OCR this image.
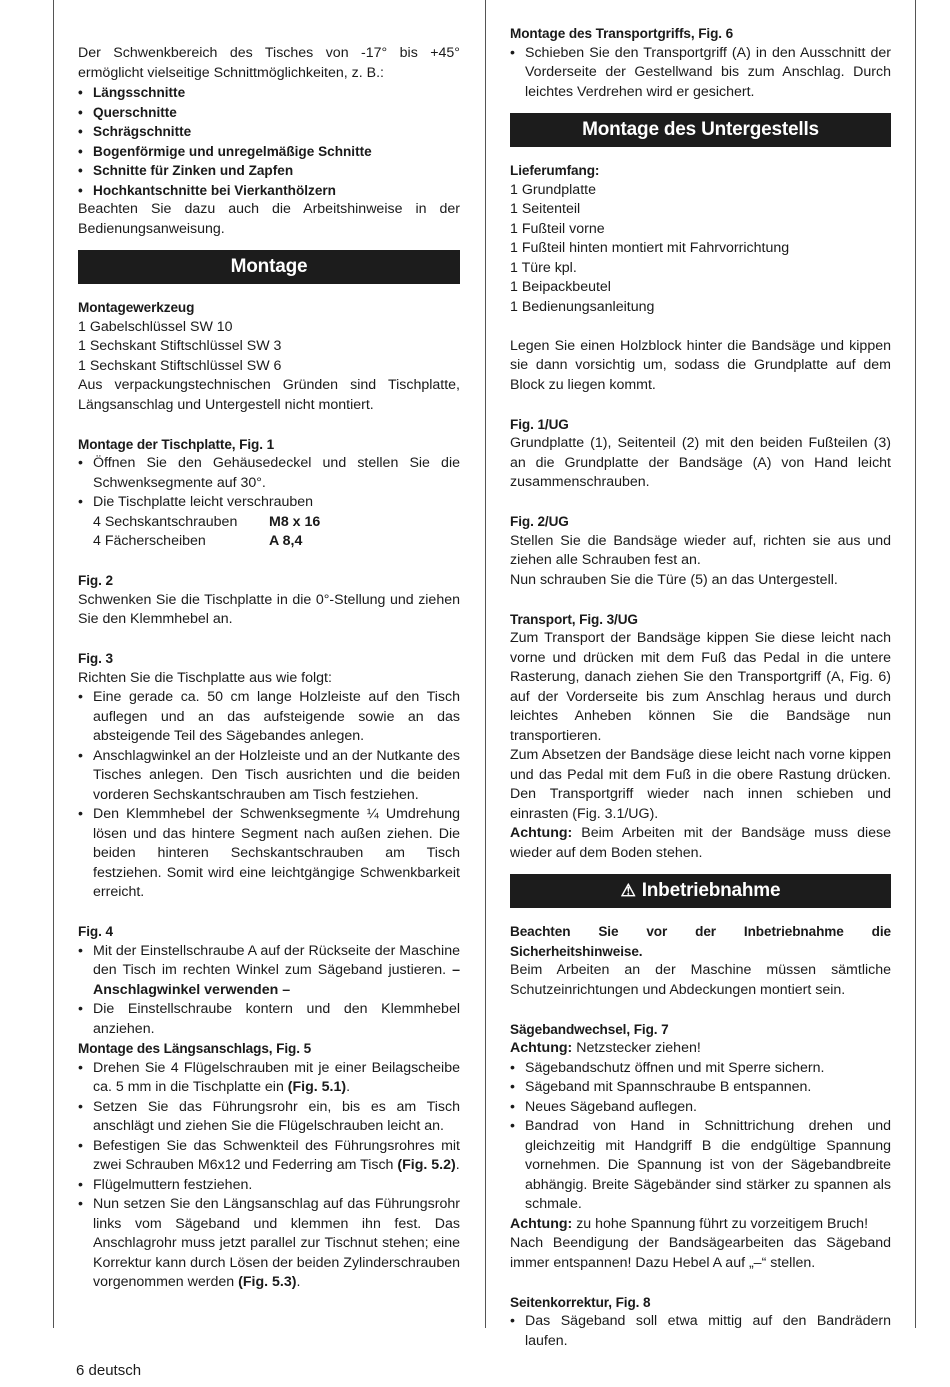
Der Schwenkbereich des Tisches von -17° bis +45° ermöglicht vielseitige Schnittmöglichkeiten, z. B.:

• Längsschnitte
• Querschnitte
• Schrägschnitte
• Bogenförmige und unregelmäßige Schnitte
• Schnitte für Zinken und Zapfen
• Hochkantschnitte bei Vierkanthölzern

Beachten Sie dazu auch die Arbeitshinweise in der Bedienungsanweisung.

Montage

Montagewerkzeug

1 Gabelschlüssel SW 10

1 Sechskant Stiftschlüssel SW 3

1 Sechskant Stiftschlüssel SW 6

Aus verpackungstechnischen Gründen sind Tischplatte, Längsanschlag und Untergestell nicht montiert.

Montage der Tischplatte, Fig. 1

• Öffnen Sie den Gehäusedeckel und stellen Sie die Schwenksegmente auf 30°.
• Die Tischplatte leicht verschrauben
4 Sechskantschrauben	M8 x 16
4 Fächerscheiben	A 8,4

Fig. 2

Schwenken Sie die Tischplatte in die 0°-Stellung und ziehen Sie den Klemmhebel an.

Fig. 3

Richten Sie die Tischplatte aus wie folgt:

• Eine gerade ca. 50 cm lange Holzleiste auf den Tisch auflegen und an das aufsteigende sowie an das absteigende Teil des Sägebandes anlegen.
• Anschlagwinkel an der Holzleiste und an der Nutkante des Tisches anlegen. Den Tisch ausrichten und die beiden vorderen Sechskantschrauben am Tisch festziehen.
• Den Klemmhebel der Schwenksegmente ¼ Umdrehung lösen und das hintere Segment nach außen ziehen. Die beiden hinteren Sechskantschrauben am Tisch festziehen. Somit wird eine leichtgängige Schwenkbarkeit erreicht.

Fig. 4

• Mit der Einstellschraube A auf der Rückseite der Maschine den Tisch im rechten Winkel zum Sägeband justieren. – Anschlagwinkel verwenden –
• Die Einstellschraube kontern und den Klemmhebel anziehen.

Montage des Längsanschlags, Fig. 5

• Drehen Sie 4 Flügelschrauben mit je einer Beilagscheibe ca. 5 mm in die Tischplatte ein (Fig. 5.1).
• Setzen Sie das Führungsrohr ein, bis es am Tisch anschlägt und ziehen Sie die Flügelschrauben leicht an.
• Befestigen Sie das Schwenkteil des Führungsrohres mit zwei Schrauben M6x12 und Federring am Tisch (Fig. 5.2).
• Flügelmuttern festziehen.
• Nun setzen Sie den Längsanschlag auf das Führungsrohr links vom Sägeband und klemmen ihn fest. Das Anschlagrohr muss jetzt parallel zur Tischnut stehen; eine Korrektur kann durch Lösen der beiden Zylinderschrauben vorgenommen werden (Fig. 5.3).

Montage des Transportgriffs, Fig. 6

• Schieben Sie den Transportgriff (A) in den Ausschnitt der Vorderseite der Gestellwand bis zum Anschlag. Durch leichtes Verdrehen wird er gesichert.
Montage des Untergestells

Lieferumfang:

1 Grundplatte

1 Seitenteil

1 Fußteil vorne

1 Fußteil hinten montiert mit Fahrvorrichtung

1 Türe kpl.

1 Beipackbeutel

1 Bedienungsanleitung

Legen Sie einen Holzblock hinter die Bandsäge und kippen sie dann vorsichtig um, sodass die Grundplatte auf dem Block zu liegen kommt.

Fig. 1/UG

Grundplatte (1), Seitenteil (2) mit den beiden Fußteilen (3) an die Grundplatte der Bandsäge (A) von Hand leicht zusammenschrauben.

Fig. 2/UG

Stellen Sie die Bandsäge wieder auf, richten sie aus und ziehen alle Schrauben fest an.

Nun schrauben Sie die Türe (5) an das Untergestell.

Transport, Fig. 3/UG

Zum Transport der Bandsäge kippen Sie diese leicht nach vorne und drücken mit dem Fuß das Pedal in die untere Rasterung, danach ziehen Sie den Transportgriff (A, Fig. 6) auf der Vorderseite bis zum Anschlag heraus und durch leichtes Anheben können Sie die Bandsäge nun transportieren.

Zum Absetzen der Bandsäge diese leicht nach vorne kippen und das Pedal mit dem Fuß in die obere Rastung drücken. Den Transportgriff wieder nach innen schieben und einrasten (Fig. 3.1/UG).

Achtung: Beim Arbeiten mit der Bandsäge muss diese wieder auf dem Boden stehen.

⚠ Inbetriebnahme

Beachten Sie vor der Inbetriebnahme die Sicherheitshinweise.

Beim Arbeiten an der Maschine müssen sämtliche Schutzeinrichtungen und Abdeckungen montiert sein.

Sägebandwechsel, Fig. 7

Achtung: Netzstecker ziehen!

• Sägebandschutz öffnen und mit Sperre sichern.
• Sägeband mit Spannschraube B entspannen.
• Neues Sägeband auflegen.
• Bandrad von Hand in Schnittrichung drehen und gleichzeitig mit Handgriff B die endgültige Spannung vornehmen. Die Spannung ist von der Sägebandbreite abhängig. Breite Sägebänder sind stärker zu spannen als schmale.

Achtung: zu hohe Spannung führt zu vorzeitigem Bruch!

Nach Beendigung der Bandsägearbeiten das Sägeband immer entspannen! Dazu Hebel A auf „–“ stellen.

Seitenkorrektur, Fig. 8

• Das Sägeband soll etwa mittig auf den Bandrädern laufen.
6 deutsch
